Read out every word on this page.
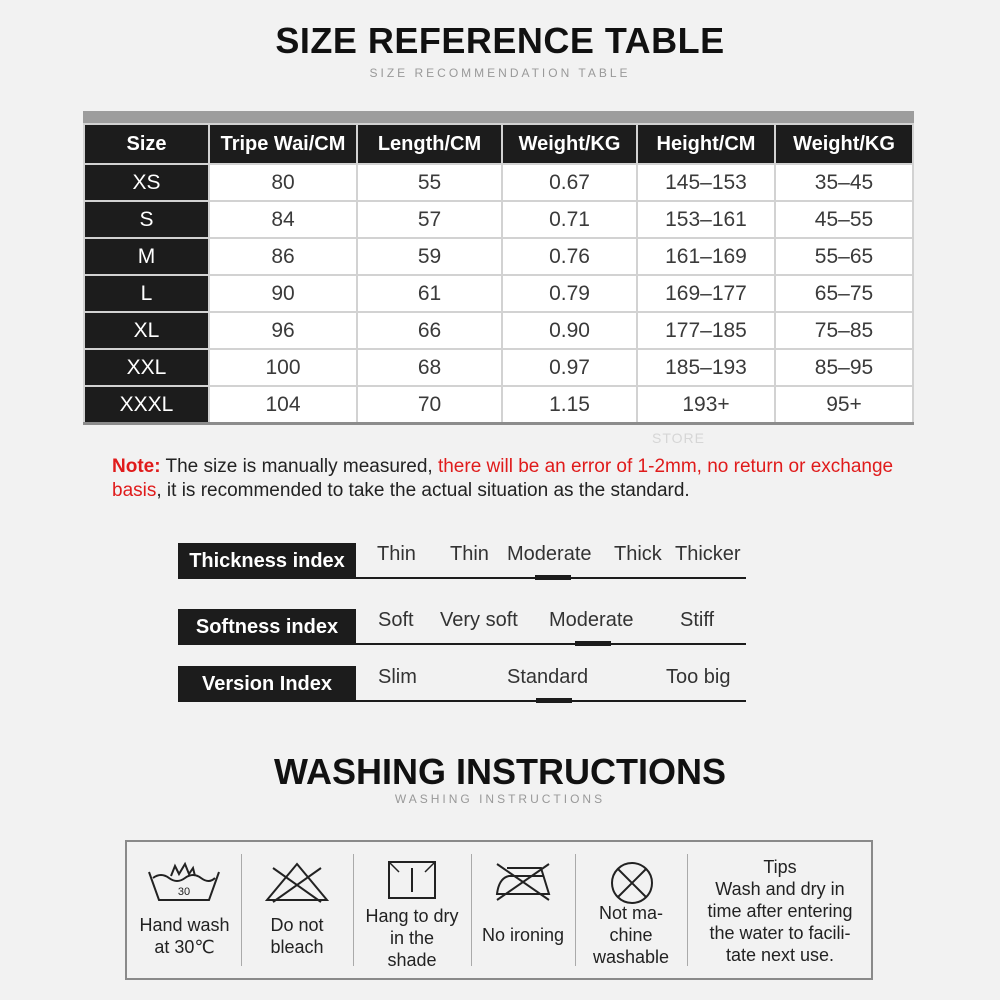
SIZE REFERENCE TABLE
SIZE RECOMMENDATION TABLE
Size	Tripe Wai/CM	Length/CM	Weight/KG	Height/CM	Weight/KG
XS	80	55	0.67	145–153	35–45
S	84	57	0.71	153–161	45–55
M	86	59	0.76	161–169	55–65
L	90	61	0.79	169–177	65–75
XL	96	66	0.90	177–185	75–85
XXL	100	68	0.97	185–193	85–95
XXXL	104	70	1.15	193+	95+
STORE
Note: The size is manually measured, there will be an error of 1-2mm, no return or exchange basis, it is recommended to take the actual situation as the standard.
Thickness index	Thin Thin Moderate Thick Thicker
Softness index	Soft Very soft Moderate Stiff
Version Index	Slim	Standard	Too big
WASHING INSTRUCTIONS
WASHING INSTRUCTIONS
30
Hand wash
at 30℃
Do not
bleach
Hang to dry
in the
shade
No ironing
Not ma-
chine
washable
Tips
Wash and dry in
time after entering
the water to facili-
tate next use.
